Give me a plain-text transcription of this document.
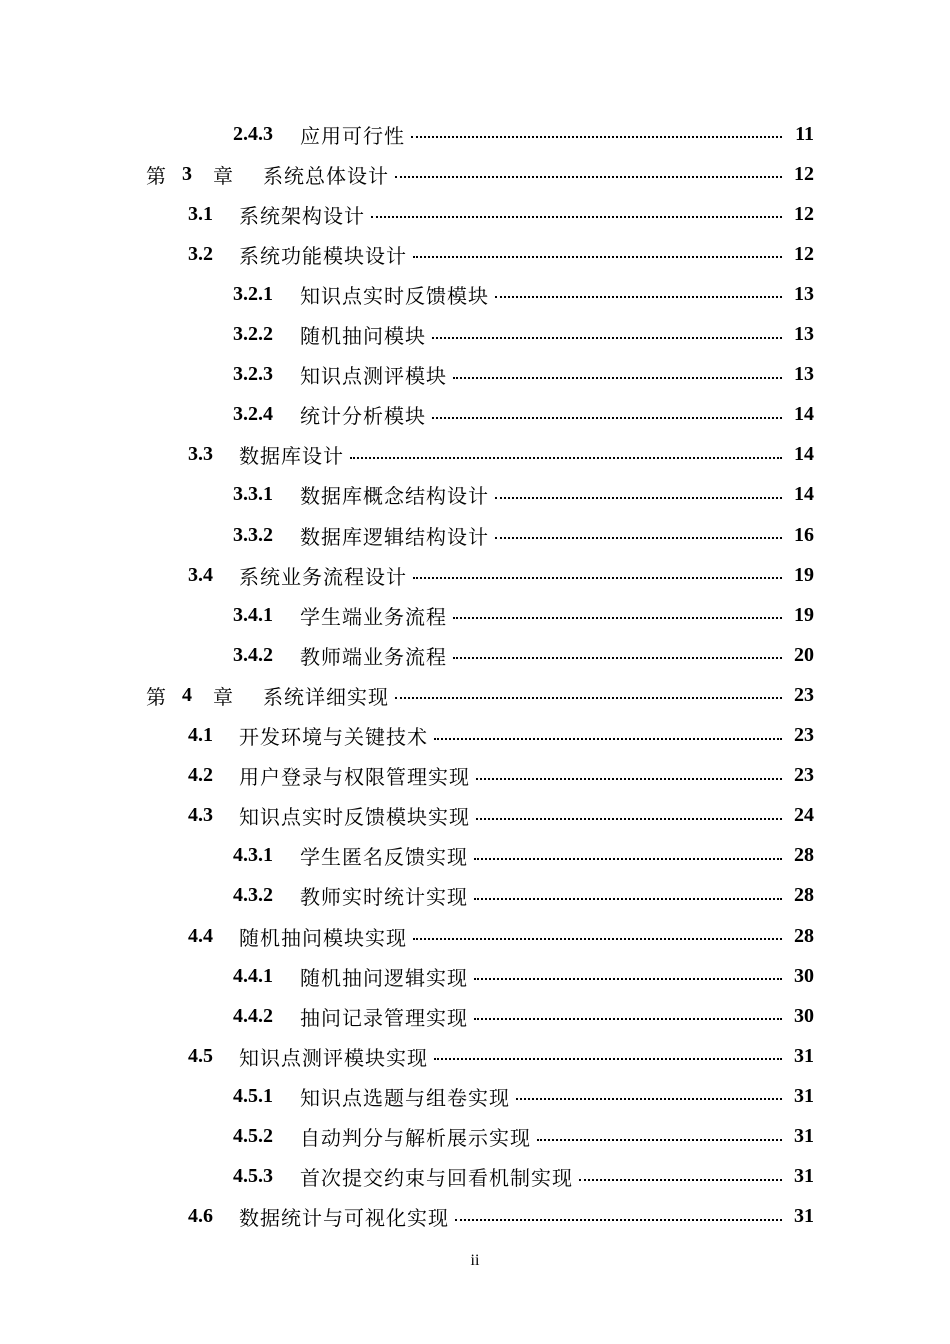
2.4.3	应用可行性	11
第 3	章	系统总体设计	12
3.1	系统架构设计	12
3.2	系统功能模块设计	12
3.2.1	知识点实时反馈模块	13
3.2.2	随机抽问模块	13
3.2.3	知识点测评模块	13
3.2.4	统计分析模块	14
3.3	数据库设计	14
3.3.1	数据库概念结构设计	14
3.3.2	数据库逻辑结构设计	16
3.4	系统业务流程设计	19
3.4.1	学生端业务流程	19
3.4.2	教师端业务流程	20
第 4	章	系统详细实现	23
4.1	开发环境与关键技术	23
4.2	用户登录与权限管理实现	23
4.3	知识点实时反馈模块实现	24
4.3.1	学生匿名反馈实现	28
4.3.2	教师实时统计实现	28
4.4	随机抽问模块实现	28
4.4.1	随机抽问逻辑实现	30
4.4.2	抽问记录管理实现	30
4.5	知识点测评模块实现	31
4.5.1	知识点选题与组卷实现	31
4.5.2	自动判分与解析展示实现	31
4.5.3	首次提交约束与回看机制实现	31
4.6	数据统计与可视化实现	31
ii
